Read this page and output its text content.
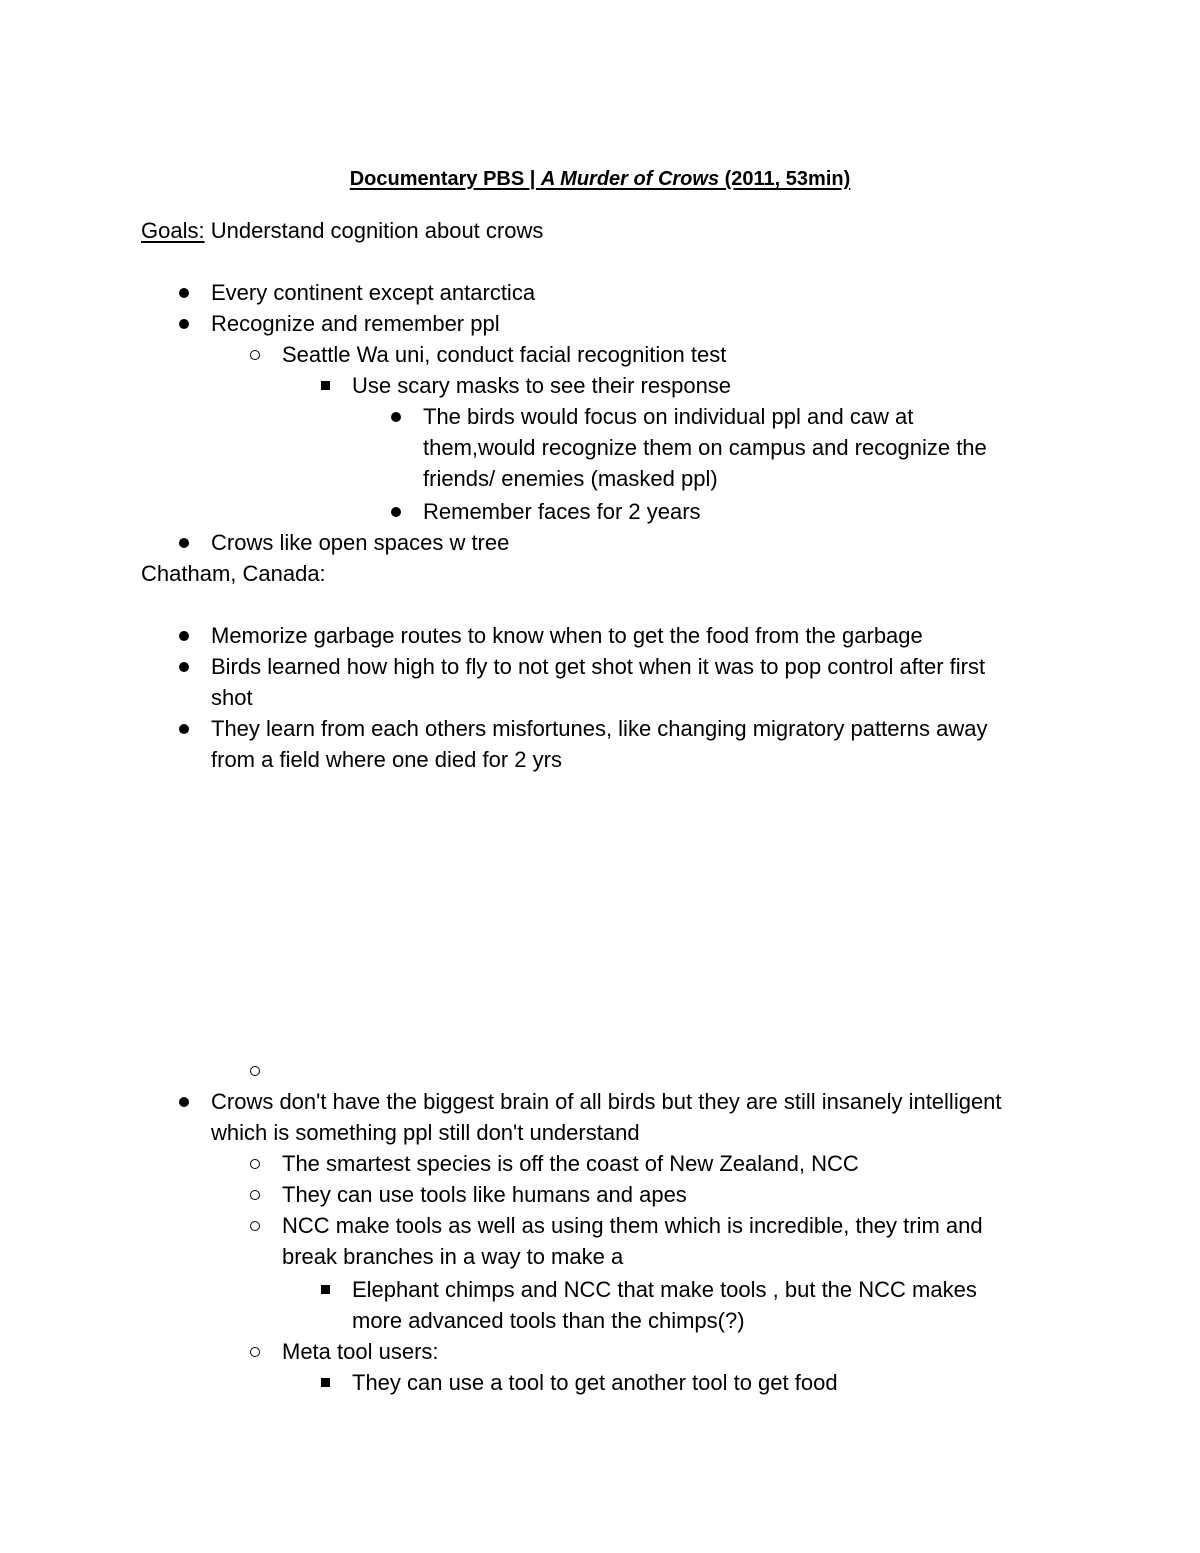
Documentary PBS | A Murder of Crows (2011, 53min)
Goals: Understand cognition about crows
Every continent except antarctica
Recognize and remember ppl
Seattle Wa uni, conduct facial recognition test
Use scary masks to see their response
The birds would focus on individual ppl and caw at
them,would recognize them on campus and recognize the
friends/ enemies (masked ppl)
Remember faces for 2 years
Crows like open spaces w tree
Chatham, Canada:
Memorize garbage routes to know when to get the food from the garbage
Birds learned how high to fly to not get shot when it was to pop control after first
shot
They learn from each others misfortunes, like changing migratory patterns away
from a field where one died for 2 yrs
Crows don't have the biggest brain of all birds but they are still insanely intelligent
which is something ppl still don't understand
The smartest species is off the coast of New Zealand, NCC
They can use tools like humans and apes
NCC make tools as well as using them which is incredible, they trim and
break branches in a way to make a
Elephant chimps and NCC that make tools , but the NCC makes
more advanced tools than the chimps(?)
Meta tool users:
They can use a tool to get another tool to get food
